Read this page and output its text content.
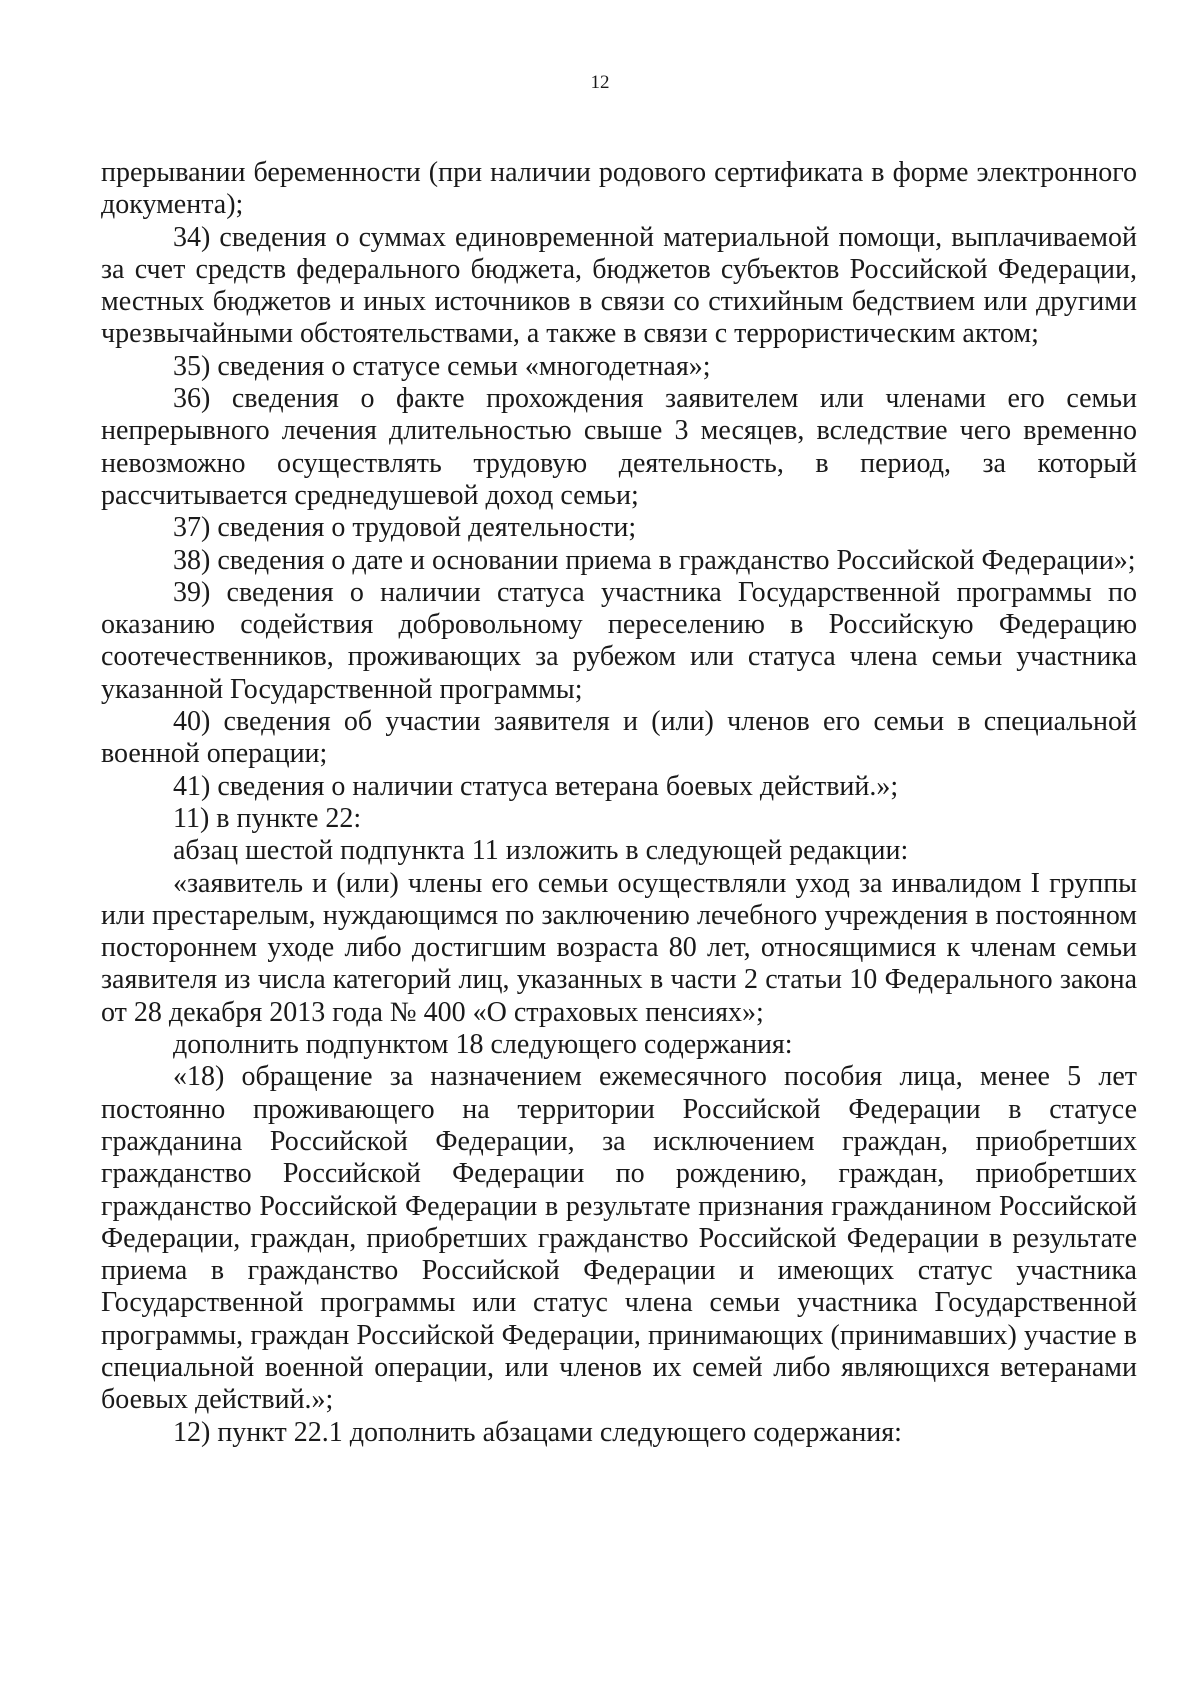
12

прерывании беременности (при наличии родового сертификата в форме электронного документа);

34) сведения о суммах единовременной материальной помощи, выплачиваемой за счет средств федерального бюджета, бюджетов субъектов Российской Федерации, местных бюджетов и иных источников в связи со стихийным бедствием или другими чрезвычайными обстоятельствами, а также в связи с террористическим актом;

35) сведения о статусе семьи «многодетная»;

36) сведения о факте прохождения заявителем или членами его семьи непрерывного лечения длительностью свыше 3 месяцев, вследствие чего временно невозможно осуществлять трудовую деятельность, в период, за который рассчитывается среднедушевой доход семьи;

37) сведения о трудовой деятельности;

38) сведения о дате и основании приема в гражданство Российской Федерации»;

39) сведения о наличии статуса участника Государственной программы по оказанию содействия добровольному переселению в Российскую Федерацию соотечественников, проживающих за рубежом или статуса члена семьи участника указанной Государственной программы;

40) сведения об участии заявителя и (или) членов его семьи в специальной военной операции;

41) сведения о наличии статуса ветерана боевых действий.»;

11) в пункте 22:

абзац шестой подпункта 11 изложить в следующей редакции:

«заявитель и (или) члены его семьи осуществляли уход за инвалидом I группы или престарелым, нуждающимся по заключению лечебного учреждения в постоянном постороннем уходе либо достигшим возраста 80 лет, относящимися к членам семьи заявителя из числа категорий лиц, указанных в части 2 статьи 10 Федерального закона от 28 декабря 2013 года № 400 «О страховых пенсиях»;

дополнить подпунктом 18 следующего содержания:

«18) обращение за назначением ежемесячного пособия лица, менее 5 лет постоянно проживающего на территории Российской Федерации в статусе гражданина Российской Федерации, за исключением граждан, приобретших гражданство Российской Федерации по рождению, граждан, приобретших гражданство Российской Федерации в результате признания гражданином Российской Федерации, граждан, приобретших гражданство Российской Федерации в результате приема в гражданство Российской Федерации и имеющих статус участника Государственной программы или статус члена семьи участника Государственной программы, граждан Российской Федерации, принимающих (принимавших) участие в специальной военной операции, или членов их семей либо являющихся ветеранами боевых действий.»;

12) пункт 22.1 дополнить абзацами следующего содержания:
